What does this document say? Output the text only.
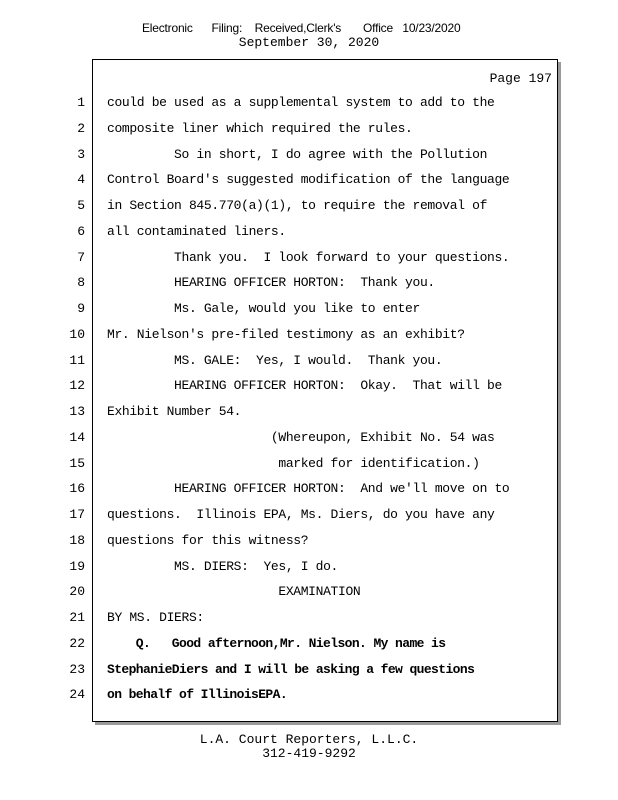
Electronic      Filing:    Received,Clerk's       Office   10/23/2020
September 30, 2020
Page 197
1 could be used as a supplemental system to add to the
2 composite liner which required the rules.
3 So in short, I do agree with the Pollution
4 Control Board's suggested modification of the language
5 in Section 845.770(a)(1), to require the removal of
6 all contaminated liners.
7 Thank you.  I look forward to your questions.
8 HEARING OFFICER HORTON:  Thank you.
9 Ms. Gale, would you like to enter
10 Mr. Nielson's pre-filed testimony as an exhibit?
11 MS. GALE:  Yes, I would.  Thank you.
12 HEARING OFFICER HORTON:  Okay.  That will be
13 Exhibit Number 54.
14 (Whereupon, Exhibit No. 54 was
15 marked for identification.)
16 HEARING OFFICER HORTON:  And we'll move on to
17 questions.  Illinois EPA, Ms. Diers, do you have any
18 questions for this witness?
19 MS. DIERS:  Yes, I do.
20 EXAMINATION
21 BY MS. DIERS:
22 Q.   Good afternoon,Mr. Nielson. My name is
23 StephanieDiers and I will be asking a few questions
24 on behalf of IllinoisEPA.
L.A. Court Reporters, L.L.C.
312-419-9292
